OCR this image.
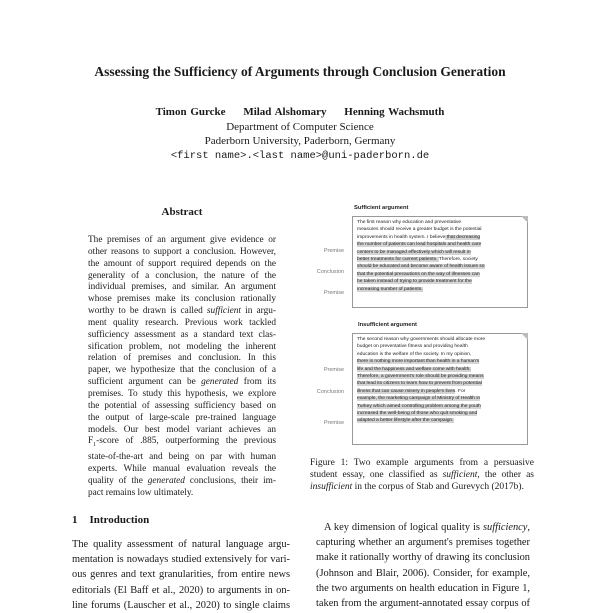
Assessing the Sufficiency of Arguments through Conclusion Generation
Timon Gurcke Milad Alshomary Henning Wachsmuth
Department of Computer Science
Paderborn University, Paderborn, Germany
<first name>.<last name>@uni-paderborn.de
Abstract
The premises of an argument give evidence or
other reasons to support a conclusion. However,
the amount of support required depends on the
generality of a conclusion, the nature of the
individual premises, and similar. An argument
whose premises make its conclusion rationally
worthy to be drawn is called sufficient in argu-
ment quality research. Previous work tackled
sufficiency assessment as a standard text clas-
sification problem, not modeling the inherent
relation of premises and conclusion. In this
paper, we hypothesize that the conclusion of a
sufficient argument can be generated from its
premises. To study this hypothesis, we explore
the potential of assessing sufficiency based on
the output of large-scale pre-trained language
models. Our best model variant achieves an
$F_1$-score of .885, outperforming the previous
state-of-the-art and being on par with human
experts. While manual evaluation reveals the
quality of the generated conclusions, their im-
pact remains low ultimately.
Sufficient argument
The first reason why education and preventative
measures should receive a greater budget is the potential
improvements in health system. I believe that decreasing
the number of patients can lead hospitals and health care
centers to be managed effectively which will result in
better treatments for current patients. Therefore, society
should be educated and become aware of health issues so
that the potential precautions on the way of illnesses can
be taken instead of trying to provide treatment for the
increasing number of patients.
Premise
Conclusion
Premise
Insufficient argument
The second reason why governments should allocate more
budget on preventative fitness and providing health
education is the welfare of the society. In my opinion,
there is nothing more important than health in a human's
life and the happiness and welfare come with health.
Therefore, a government's role should be providing means
that lead its citizens to learn how to prevent from potential
illness that can cause misery in people's lives. For
example, the marketing campaign of Ministry of Health in
Turkey which aimed controlling problem among the youth
increased the well-being of those who quit smoking and
adapted a better lifestyle after the campaign.
Premise
Conclusion
Premise
Figure 1: Two example arguments from a persuasive
student essay, one classified as sufficient, the other as
insufficient in the corpus of Stab and Gurevych (2017b).
1 Introduction
The quality assessment of natural language argu-
mentation is nowadays studied extensively for vari-
ous genres and text granularities, from entire news
editorials (El Baff et al., 2020) to arguments in on-
line forums (Lauscher et al., 2020) to single claims
A key dimension of logical quality is sufficiency,
capturing whether an argument's premises together
make it rationally worthy of drawing its conclusion
(Johnson and Blair, 2006). Consider, for example,
the two arguments on health education in Figure 1,
taken from the argument-annotated essay corpus of
